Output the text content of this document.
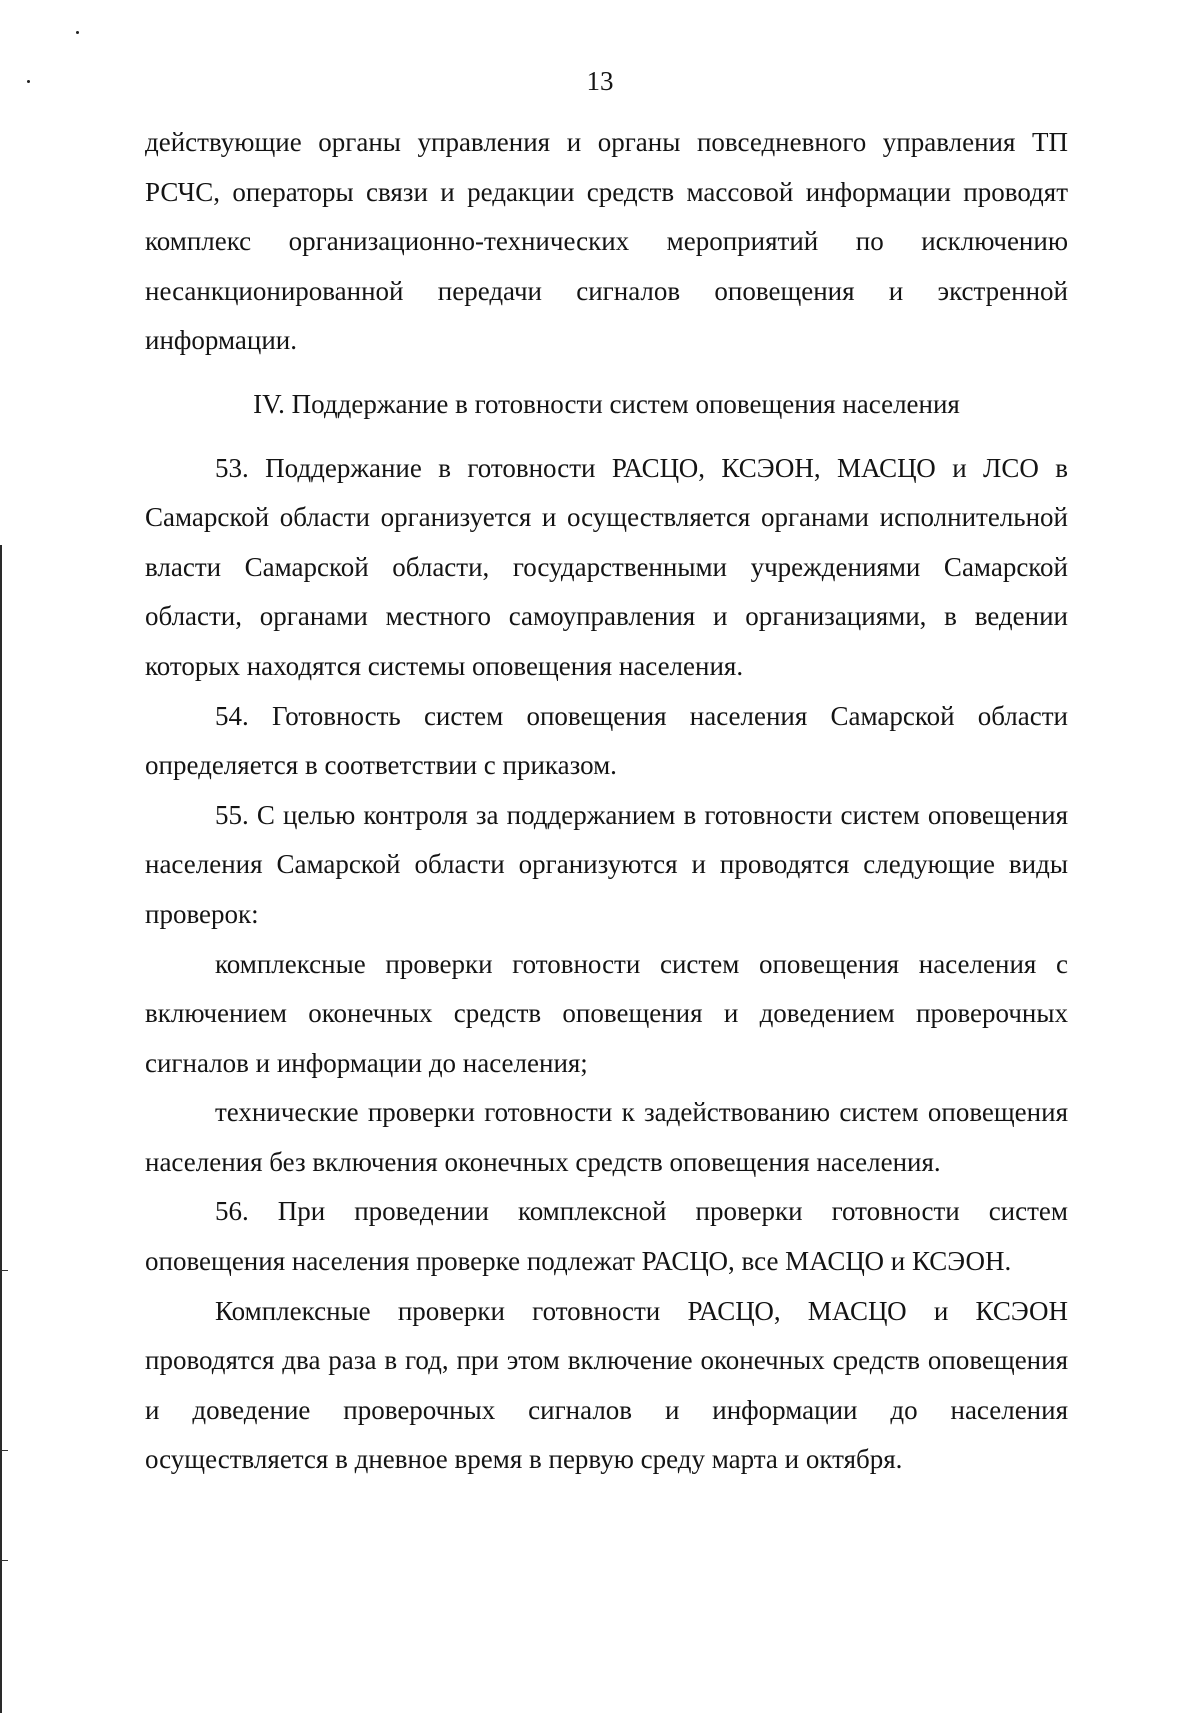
13

действующие органы управления и органы повседневного управления ТП РСЧС, операторы связи и редакции средств массовой информации проводят комплекс организационно-технических мероприятий по исключению несанкционированной передачи сигналов оповещения и экстренной информации.

IV. Поддержание в готовности систем оповещения населения

53. Поддержание в готовности РАСЦО, КСЭОН, МАСЦО и ЛСО в Самарской области организуется и осуществляется органами исполнительной власти Самарской области, государственными учреждениями Самарской области, органами местного самоуправления и организациями, в ведении которых находятся системы оповещения населения.

54. Готовность систем оповещения населения Самарской области определяется в соответствии с приказом.

55. С целью контроля за поддержанием в готовности систем оповещения населения Самарской области организуются и проводятся следующие виды проверок:

комплексные проверки готовности систем оповещения населения с включением оконечных средств оповещения и доведением проверочных сигналов и информации до населения;

технические проверки готовности к задействованию систем оповещения населения без включения оконечных средств оповещения населения.

56. При проведении комплексной проверки готовности систем оповещения населения проверке подлежат РАСЦО, все МАСЦО и КСЭОН.

Комплексные проверки готовности РАСЦО, МАСЦО и КСЭОН проводятся два раза в год, при этом включение оконечных средств оповещения и доведение проверочных сигналов и информации до населения осуществляется в дневное время в первую среду марта и октября.
